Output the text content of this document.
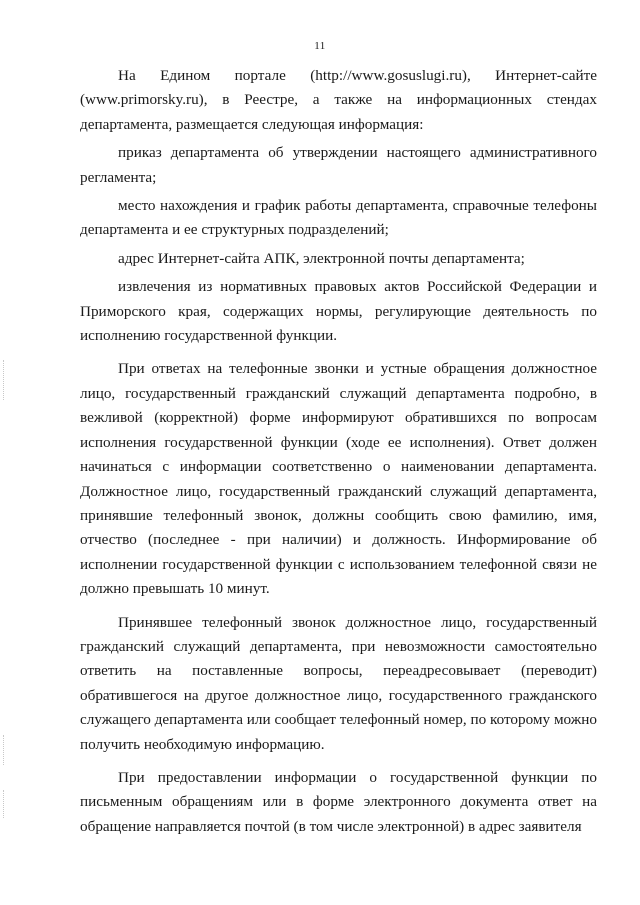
11

На Едином портале (http://www.gosuslugi.ru), Интернет-сайте (www.primorsky.ru), в Реестре, а также на информационных стендах департамента, размещается следующая информация:

приказ департамента об утверждении настоящего административного регламента;

место нахождения и график работы департамента, справочные телефоны департамента и ее структурных подразделений;

адрес Интернет-сайта АПК, электронной почты департамента;

извлечения из нормативных правовых актов Российской Федерации и Приморского края, содержащих нормы, регулирующие деятельность по исполнению государственной функции.

При ответах на телефонные звонки и устные обращения должностное лицо, государственный гражданский служащий департамента подробно, в вежливой (корректной) форме информируют обратившихся по вопросам исполнения государственной функции (ходе ее исполнения). Ответ должен начинаться с информации соответственно о наименовании департамента. Должностное лицо, государственный гражданский служащий департамента, принявшие телефонный звонок, должны сообщить свою фамилию, имя, отчество (последнее - при наличии) и должность. Информирование об исполнении государственной функции с использованием телефонной связи не должно превышать 10 минут.

Принявшее телефонный звонок должностное лицо, государственный гражданский служащий департамента, при невозможности самостоятельно ответить на поставленные вопросы, переадресовывает (переводит) обратившегося на другое должностное лицо, государственного гражданского служащего департамента или сообщает телефонный номер, по которому можно получить необходимую информацию.

При предоставлении информации о государственной функции по письменным обращениям или в форме электронного документа ответ на обращение направляется почтой (в том числе электронной) в адрес заявителя
